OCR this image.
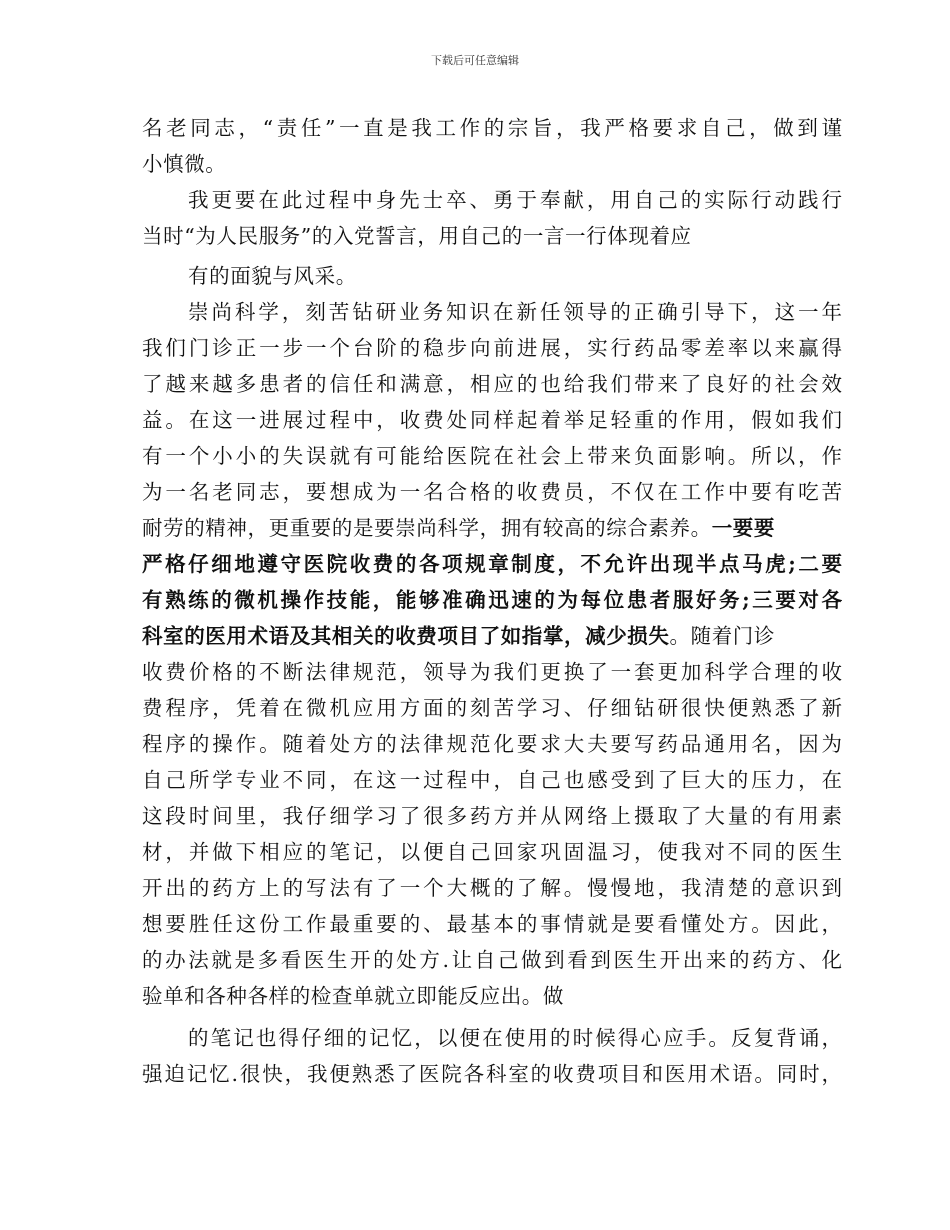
下载后可任意编辑
名老同志，“责任”一直是我工作的宗旨，我严格要求自己，做到谨
小慎微。
我更要在此过程中身先士卒、勇于奉献，用自己的实际行动践行
当时“为人民服务”的入党誓言，用自己的一言一行体现着应
有的面貌与风采。
崇尚科学，刻苦钻研业务知识在新任领导的正确引导下，这一年
我们门诊正一步一个台阶的稳步向前进展，实行药品零差率以来赢得
了越来越多患者的信任和满意，相应的也给我们带来了良好的社会效
益。在这一进展过程中，收费处同样起着举足轻重的作用，假如我们
有一个小小的失误就有可能给医院在社会上带来负面影响。所以，作
为一名老同志，要想成为一名合格的收费员，不仅在工作中要有吃苦
耐劳的精神，更重要的是要崇尚科学，拥有较高的综合素养。一要要
严格仔细地遵守医院收费的各项规章制度，不允许出现半点马虎;二要
有熟练的微机操作技能，能够准确迅速的为每位患者服好务;三要对各
科室的医用术语及其相关的收费项目了如指掌，减少损失。随着门诊
收费价格的不断法律规范，领导为我们更换了一套更加科学合理的收
费程序，凭着在微机应用方面的刻苦学习、仔细钻研很快便熟悉了新
程序的操作。随着处方的法律规范化要求大夫要写药品通用名，因为
自己所学专业不同，在这一过程中，自己也感受到了巨大的压力，在
这段时间里，我仔细学习了很多药方并从网络上摄取了大量的有用素
材，并做下相应的笔记，以便自己回家巩固温习，使我对不同的医生
开出的药方上的写法有了一个大概的了解。慢慢地，我清楚的意识到
想要胜任这份工作最重要的、最基本的事情就是要看懂处方。因此，
的办法就是多看医生开的处方.让自己做到看到医生开出来的药方、化
验单和各种各样的检查单就立即能反应出。做
的笔记也得仔细的记忆，以便在使用的时候得心应手。反复背诵，
强迫记忆.很快，我便熟悉了医院各科室的收费项目和医用术语。同时，
